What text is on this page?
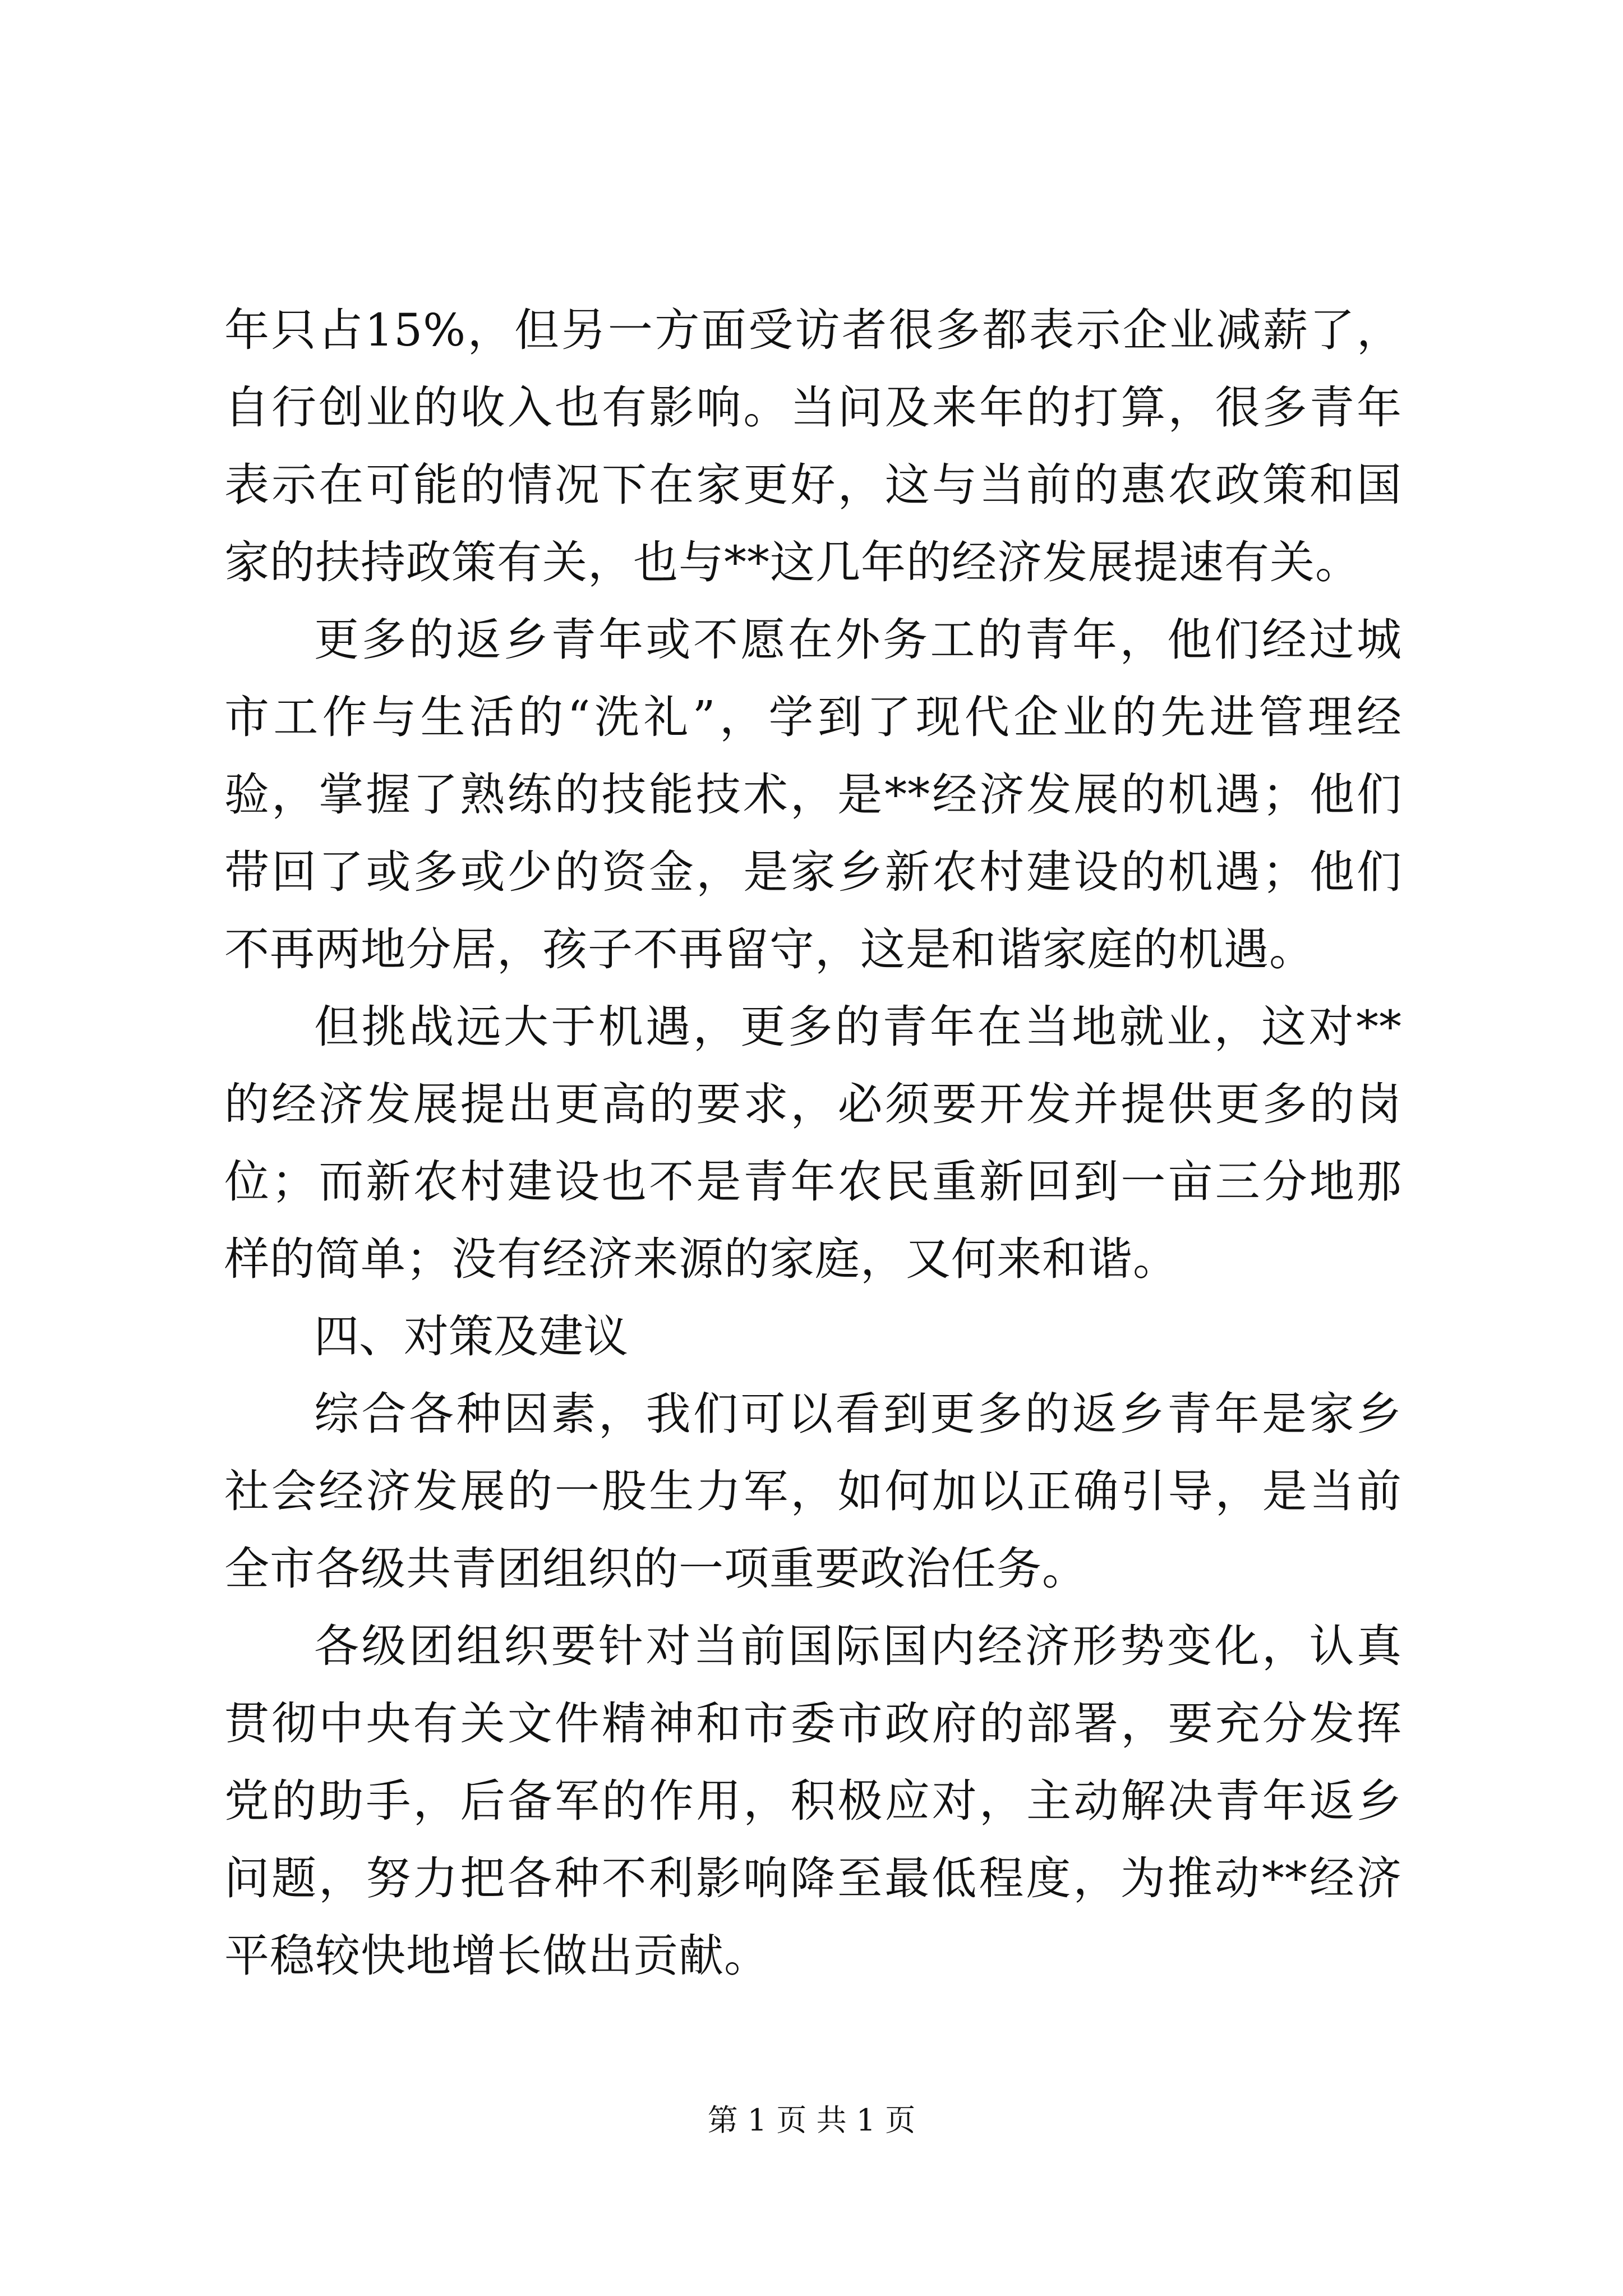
年只占15%，但另一方面受访者很多都表示企业减薪了，自行创业的收入也有影响。当问及来年的打算，很多青年表示在可能的情况下在家更好，这与当前的惠农政策和国家的扶持政策有关，也与**这几年的经济发展提速有关。

更多的返乡青年或不愿在外务工的青年，他们经过城市工作与生活的“洗礼”，学到了现代企业的先进管理经验，掌握了熟练的技能技术，是**经济发展的机遇；他们带回了或多或少的资金，是家乡新农村建设的机遇；他们不再两地分居，孩子不再留守，这是和谐家庭的机遇。

但挑战远大于机遇，更多的青年在当地就业，这对**的经济发展提出更高的要求，必须要开发并提供更多的岗位；而新农村建设也不是青年农民重新回到一亩三分地那样的简单；没有经济来源的家庭，又何来和谐。

四、对策及建议

综合各种因素，我们可以看到更多的返乡青年是家乡社会经济发展的一股生力军，如何加以正确引导，是当前全市各级共青团组织的一项重要政治任务。

各级团组织要针对当前国际国内经济形势变化，认真贯彻中央有关文件精神和市委市政府的部署，要充分发挥党的助手，后备军的作用，积极应对，主动解决青年返乡问题，努力把各种不利影响降至最低程度，为推动**经济平稳较快地增长做出贡献。

第 1 页 共 1 页
